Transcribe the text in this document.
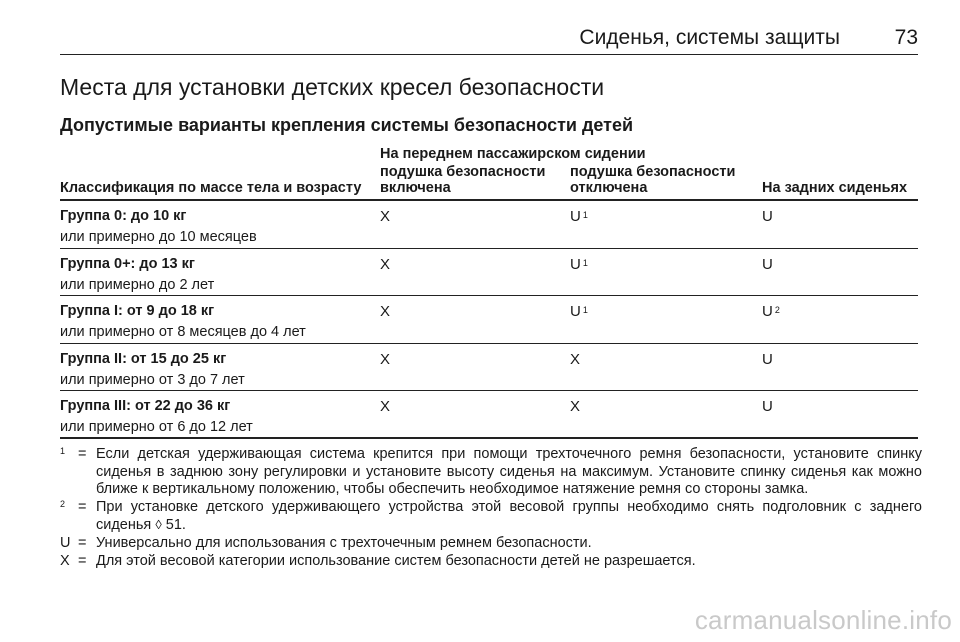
Сиденья, системы защиты	73
Места для установки детских кресел безопасности
Допустимые варианты крепления системы безопасности детей
На переднем пассажирском сидении
Классификация по массе тела и возрасту
подушка безопасности
включена
подушка безопасности
отключена	На задних сиденьях
Группа 0: до 10 кг
или примерно до 10 месяцев
X	U $^1$	U
Группа 0+: до 13 кг
или примерно до 2 лет
X	U $^1$	U
Группа I: от 9 до 18 кг
или примерно от 8 месяцев до 4 лет
X	U $^1$	U $^2$
Группа II: от 15 до 25 кг
или примерно от 3 до 7 лет
X	X	U
Группа III: от 22 до 36 кг
или примерно от 6 до 12 лет
X	X	U
$^1$ = Если детская удерживающая система крепится при помощи трехточечного ремня безопасности, установите спинку сиденья в заднюю зону регулировки и установите высоту сиденья на максимум. Установите спинку сиденья как можно ближе к вертикальному положению, чтобы обеспечить необходимое натяжение ремня со стороны замка.
$^2$ = При установке детского удерживающего устройства этой весовой группы необходимо снять подголовник с заднего сиденья ◊ 51.
U = Универсально для использования с трехточечным ремнем безопасности.
X = Для этой весовой категории использование систем безопасности детей не разрешается.
carmanualsonline.info
